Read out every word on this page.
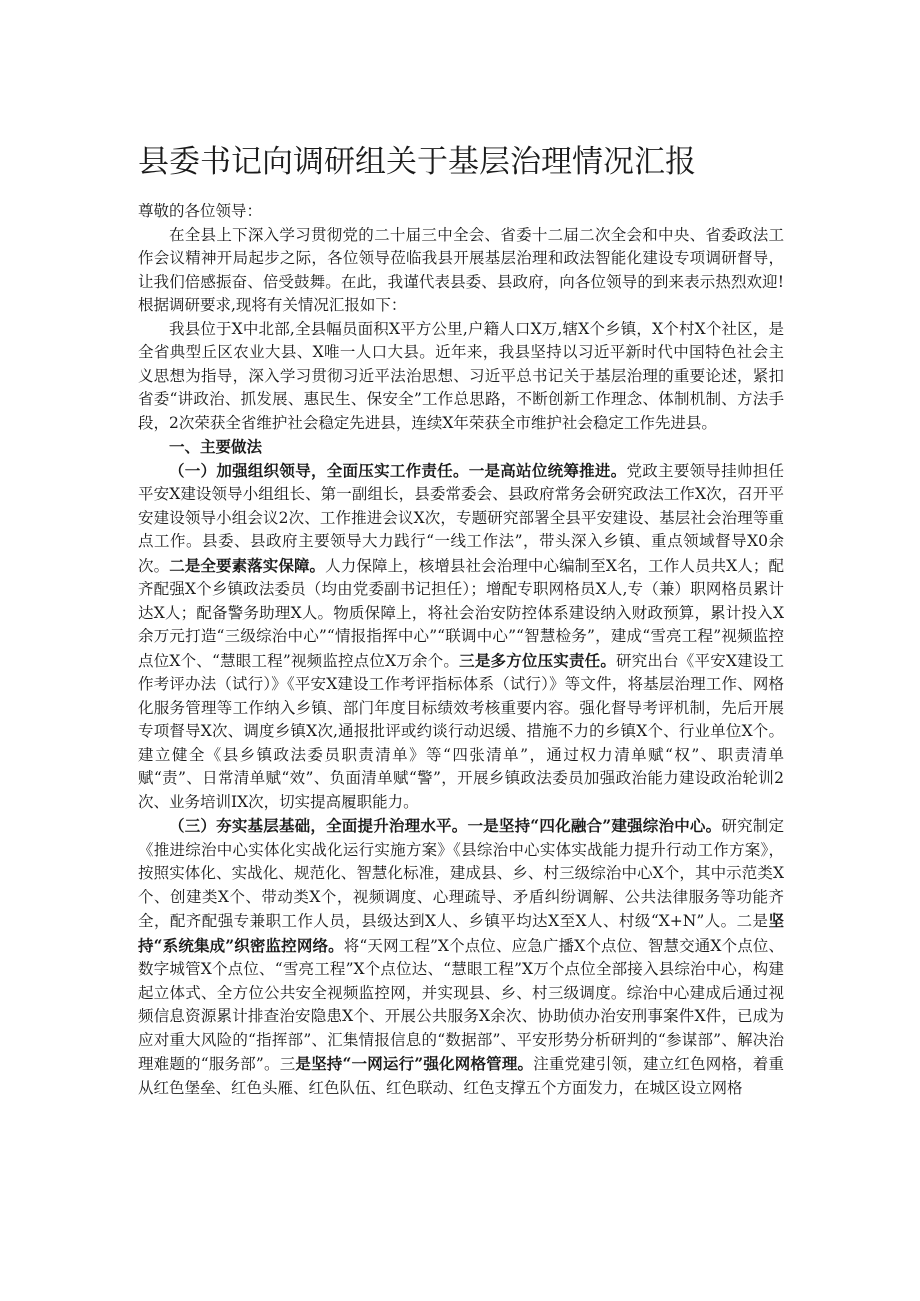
县委书记向调研组关于基层治理情况汇报

尊敬的各位领导：

在全县上下深入学习贯彻党的二十届三中全会、省委十二届二次全会和中央、省委政法工作会议精神开局起步之际，各位领导莅临我县开展基层治理和政法智能化建设专项调研督导，让我们倍感振奋、倍受鼓舞。在此，我谨代表县委、县政府，向各位领导的到来表示热烈欢迎!根据调研要求,现将有关情况汇报如下：

我县位于X中北部,全县幅员面积X平方公里,户籍人口X万,辖X个乡镇，X个村X个社区，是全省典型丘区农业大县、X唯一人口大县。近年来，我县坚持以习近平新时代中国特色社会主义思想为指导，深入学习贯彻习近平法治思想、习近平总书记关于基层治理的重要论述，紧扣省委“讲政治、抓发展、惠民生、保安全”工作总思路，不断创新工作理念、体制机制、方法手段，2次荣获全省维护社会稳定先进县，连续X年荣获全市维护社会稳定工作先进县。

一、主要做法

（一）加强组织领导，全面压实工作责任。一是高站位统筹推进。党政主要领导挂帅担任平安X建设领导小组组长、第一副组长，县委常委会、县政府常务会研究政法工作X次，召开平安建设领导小组会议2次、工作推进会议X次，专题研究部署全县平安建设、基层社会治理等重点工作。县委、县政府主要领导大力践行“一线工作法”，带头深入乡镇、重点领域督导X0余次。二是全要素落实保障。人力保障上，核增县社会治理中心编制至X名，工作人员共X人；配齐配强X个乡镇政法委员（均由党委副书记担任）；增配专职网格员X人,专（兼）职网格员累计达X人；配备警务助理X人。物质保障上，将社会治安防控体系建设纳入财政预算，累计投入X余万元打造“三级综治中心”“情报指挥中心”“联调中心”“智慧检务”，建成“雪亮工程”视频监控点位X个、“慧眼工程”视频监控点位X万余个。三是多方位压实责任。研究出台《平安X建设工作考评办法（试行）》《平安X建设工作考评指标体系（试行）》等文件，将基层治理工作、网格化服务管理等工作纳入乡镇、部门年度目标绩效考核重要内容。强化督导考评机制，先后开展专项督导X次、调度乡镇X次,通报批评或约谈行动迟缓、措施不力的乡镇X个、行业单位X个。建立健全《县乡镇政法委员职责清单》等“四张清单”，通过权力清单赋“权”、职责清单赋“责”、日常清单赋“效”、负面清单赋“警”，开展乡镇政法委员加强政治能力建设政治轮训2次、业务培训IX次，切实提高履职能力。

（三）夯实基层基础，全面提升治理水平。一是坚持“四化融合”建强综治中心。研究制定《推进综治中心实体化实战化运行实施方案》《县综治中心实体实战能力提升行动工作方案》，按照实体化、实战化、规范化、智慧化标准，建成县、乡、村三级综治中心X个，其中示范类X个、创建类X个、带动类X个，视频调度、心理疏导、矛盾纠纷调解、公共法律服务等功能齐全，配齐配强专兼职工作人员，县级达到X人、乡镇平均达X至X人、村级“X+N”人。二是坚持“系统集成”织密监控网络。将“天网工程”X个点位、应急广播X个点位、智慧交通X个点位、数字城管X个点位、“雪亮工程”X个点位达、“慧眼工程”X万个点位全部接入县综治中心，构建起立体式、全方位公共安全视频监控网，并实现县、乡、村三级调度。综治中心建成后通过视频信息资源累计排查治安隐患X个、开展公共服务X余次、协助侦办治安刑事案件X件，已成为应对重大风险的“指挥部”、汇集情报信息的“数据部”、平安形势分析研判的“参谋部”、解决治理难题的“服务部”。三是坚持“一网运行”强化网格管理。注重党建引领，建立红色网格，着重从红色堡垒、红色头雁、红色队伍、红色联动、红色支撑五个方面发力，在城区设立网格
